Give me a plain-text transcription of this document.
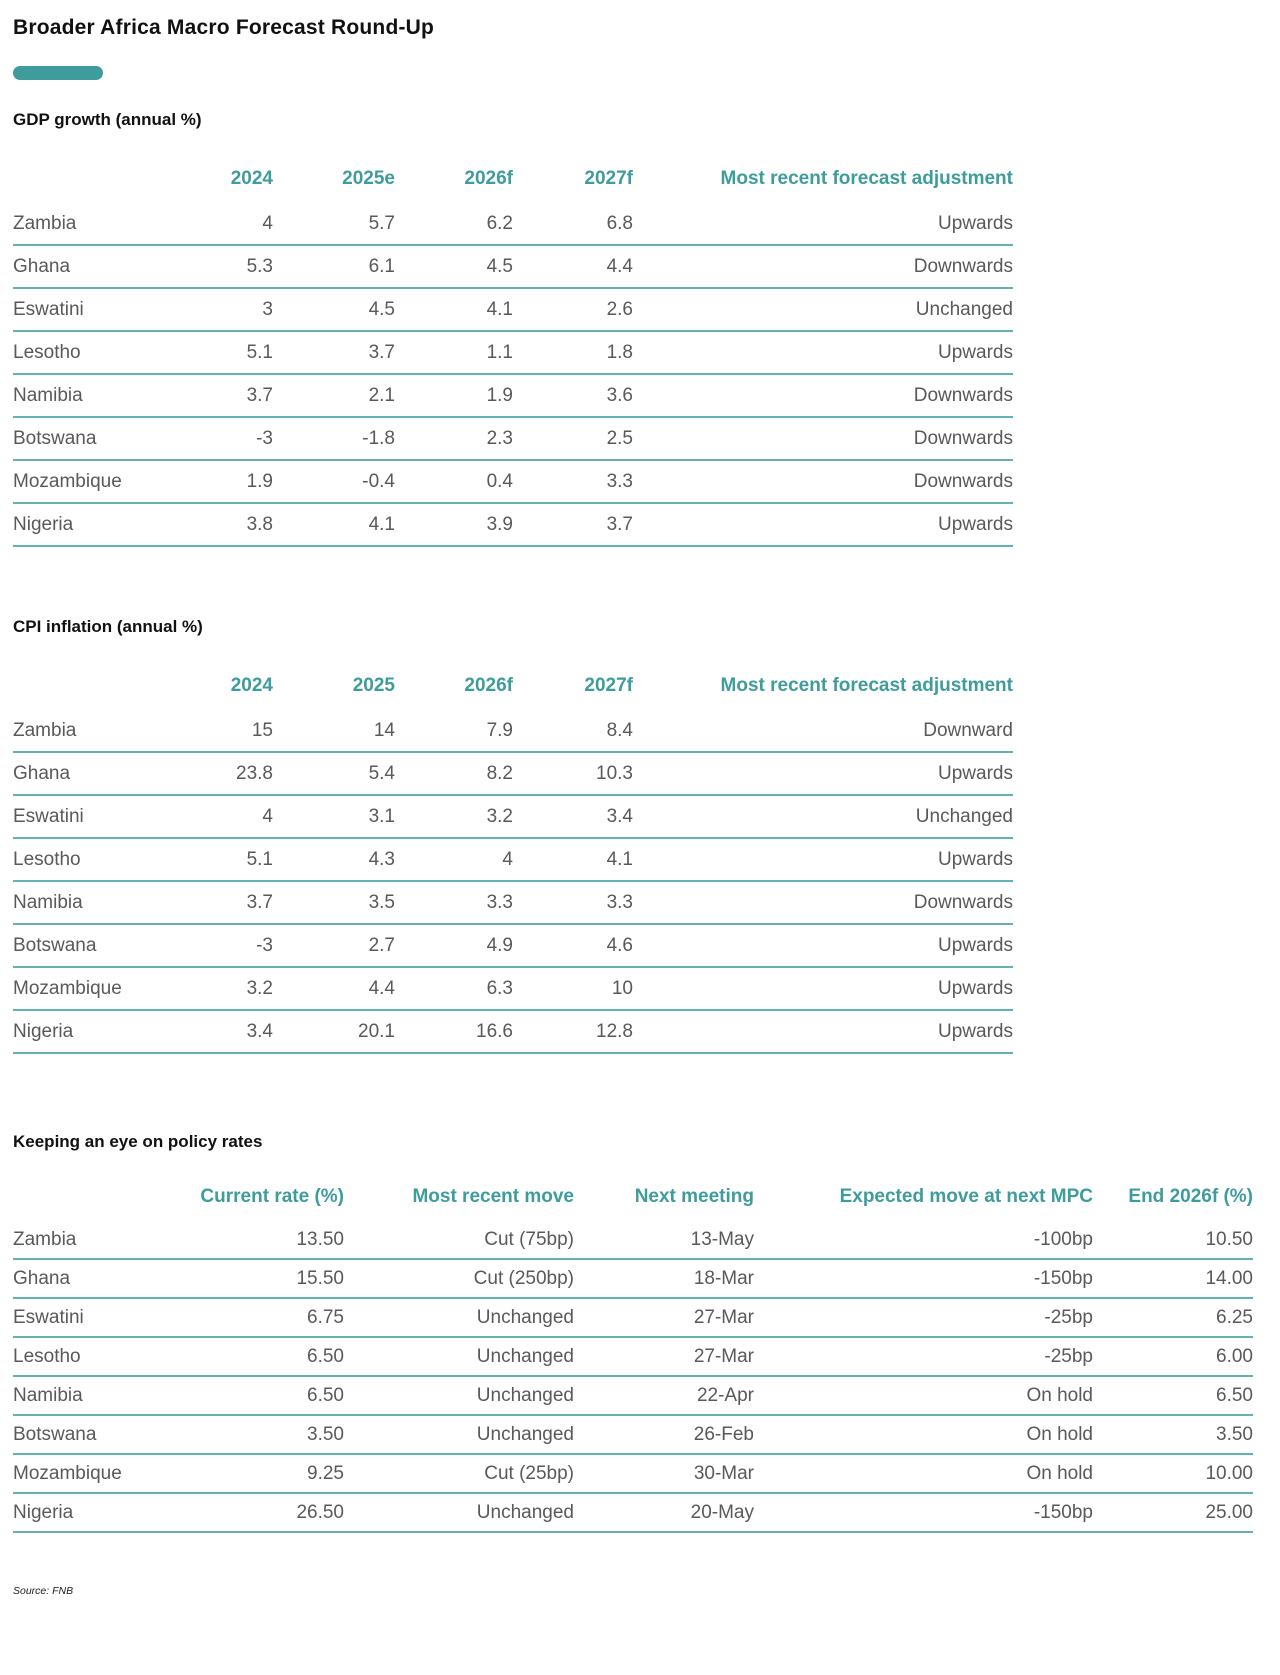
Broader Africa Macro Forecast Round-Up
GDP growth (annual %)
	2024	2025e	2026f	2027f	Most recent forecast adjustment
Zambia	4	5.7	6.2	6.8	Upwards
Ghana	5.3	6.1	4.5	4.4	Downwards
Eswatini	3	4.5	4.1	2.6	Unchanged
Lesotho	5.1	3.7	1.1	1.8	Upwards
Namibia	3.7	2.1	1.9	3.6	Downwards
Botswana	-3	-1.8	2.3	2.5	Downwards
Mozambique	1.9	-0.4	0.4	3.3	Downwards
Nigeria	3.8	4.1	3.9	3.7	Upwards
CPI inflation (annual %)
	2024	2025	2026f	2027f	Most recent forecast adjustment
Zambia	15	14	7.9	8.4	Downward
Ghana	23.8	5.4	8.2	10.3	Upwards
Eswatini	4	3.1	3.2	3.4	Unchanged
Lesotho	5.1	4.3	4	4.1	Upwards
Namibia	3.7	3.5	3.3	3.3	Downwards
Botswana	-3	2.7	4.9	4.6	Upwards
Mozambique	3.2	4.4	6.3	10	Upwards
Nigeria	3.4	20.1	16.6	12.8	Upwards
Keeping an eye on policy rates
	Current rate (%)	Most recent move	Next meeting	Expected move at next MPC	End 2026f (%)
Zambia	13.50	Cut (75bp)	13-May	-100bp	10.50
Ghana	15.50	Cut (250bp)	18-Mar	-150bp	14.00
Eswatini	6.75	Unchanged	27-Mar	-25bp	6.25
Lesotho	6.50	Unchanged	27-Mar	-25bp	6.00
Namibia	6.50	Unchanged	22-Apr	On hold	6.50
Botswana	3.50	Unchanged	26-Feb	On hold	3.50
Mozambique	9.25	Cut (25bp)	30-Mar	On hold	10.00
Nigeria	26.50	Unchanged	20-May	-150bp	25.00
Source: FNB
